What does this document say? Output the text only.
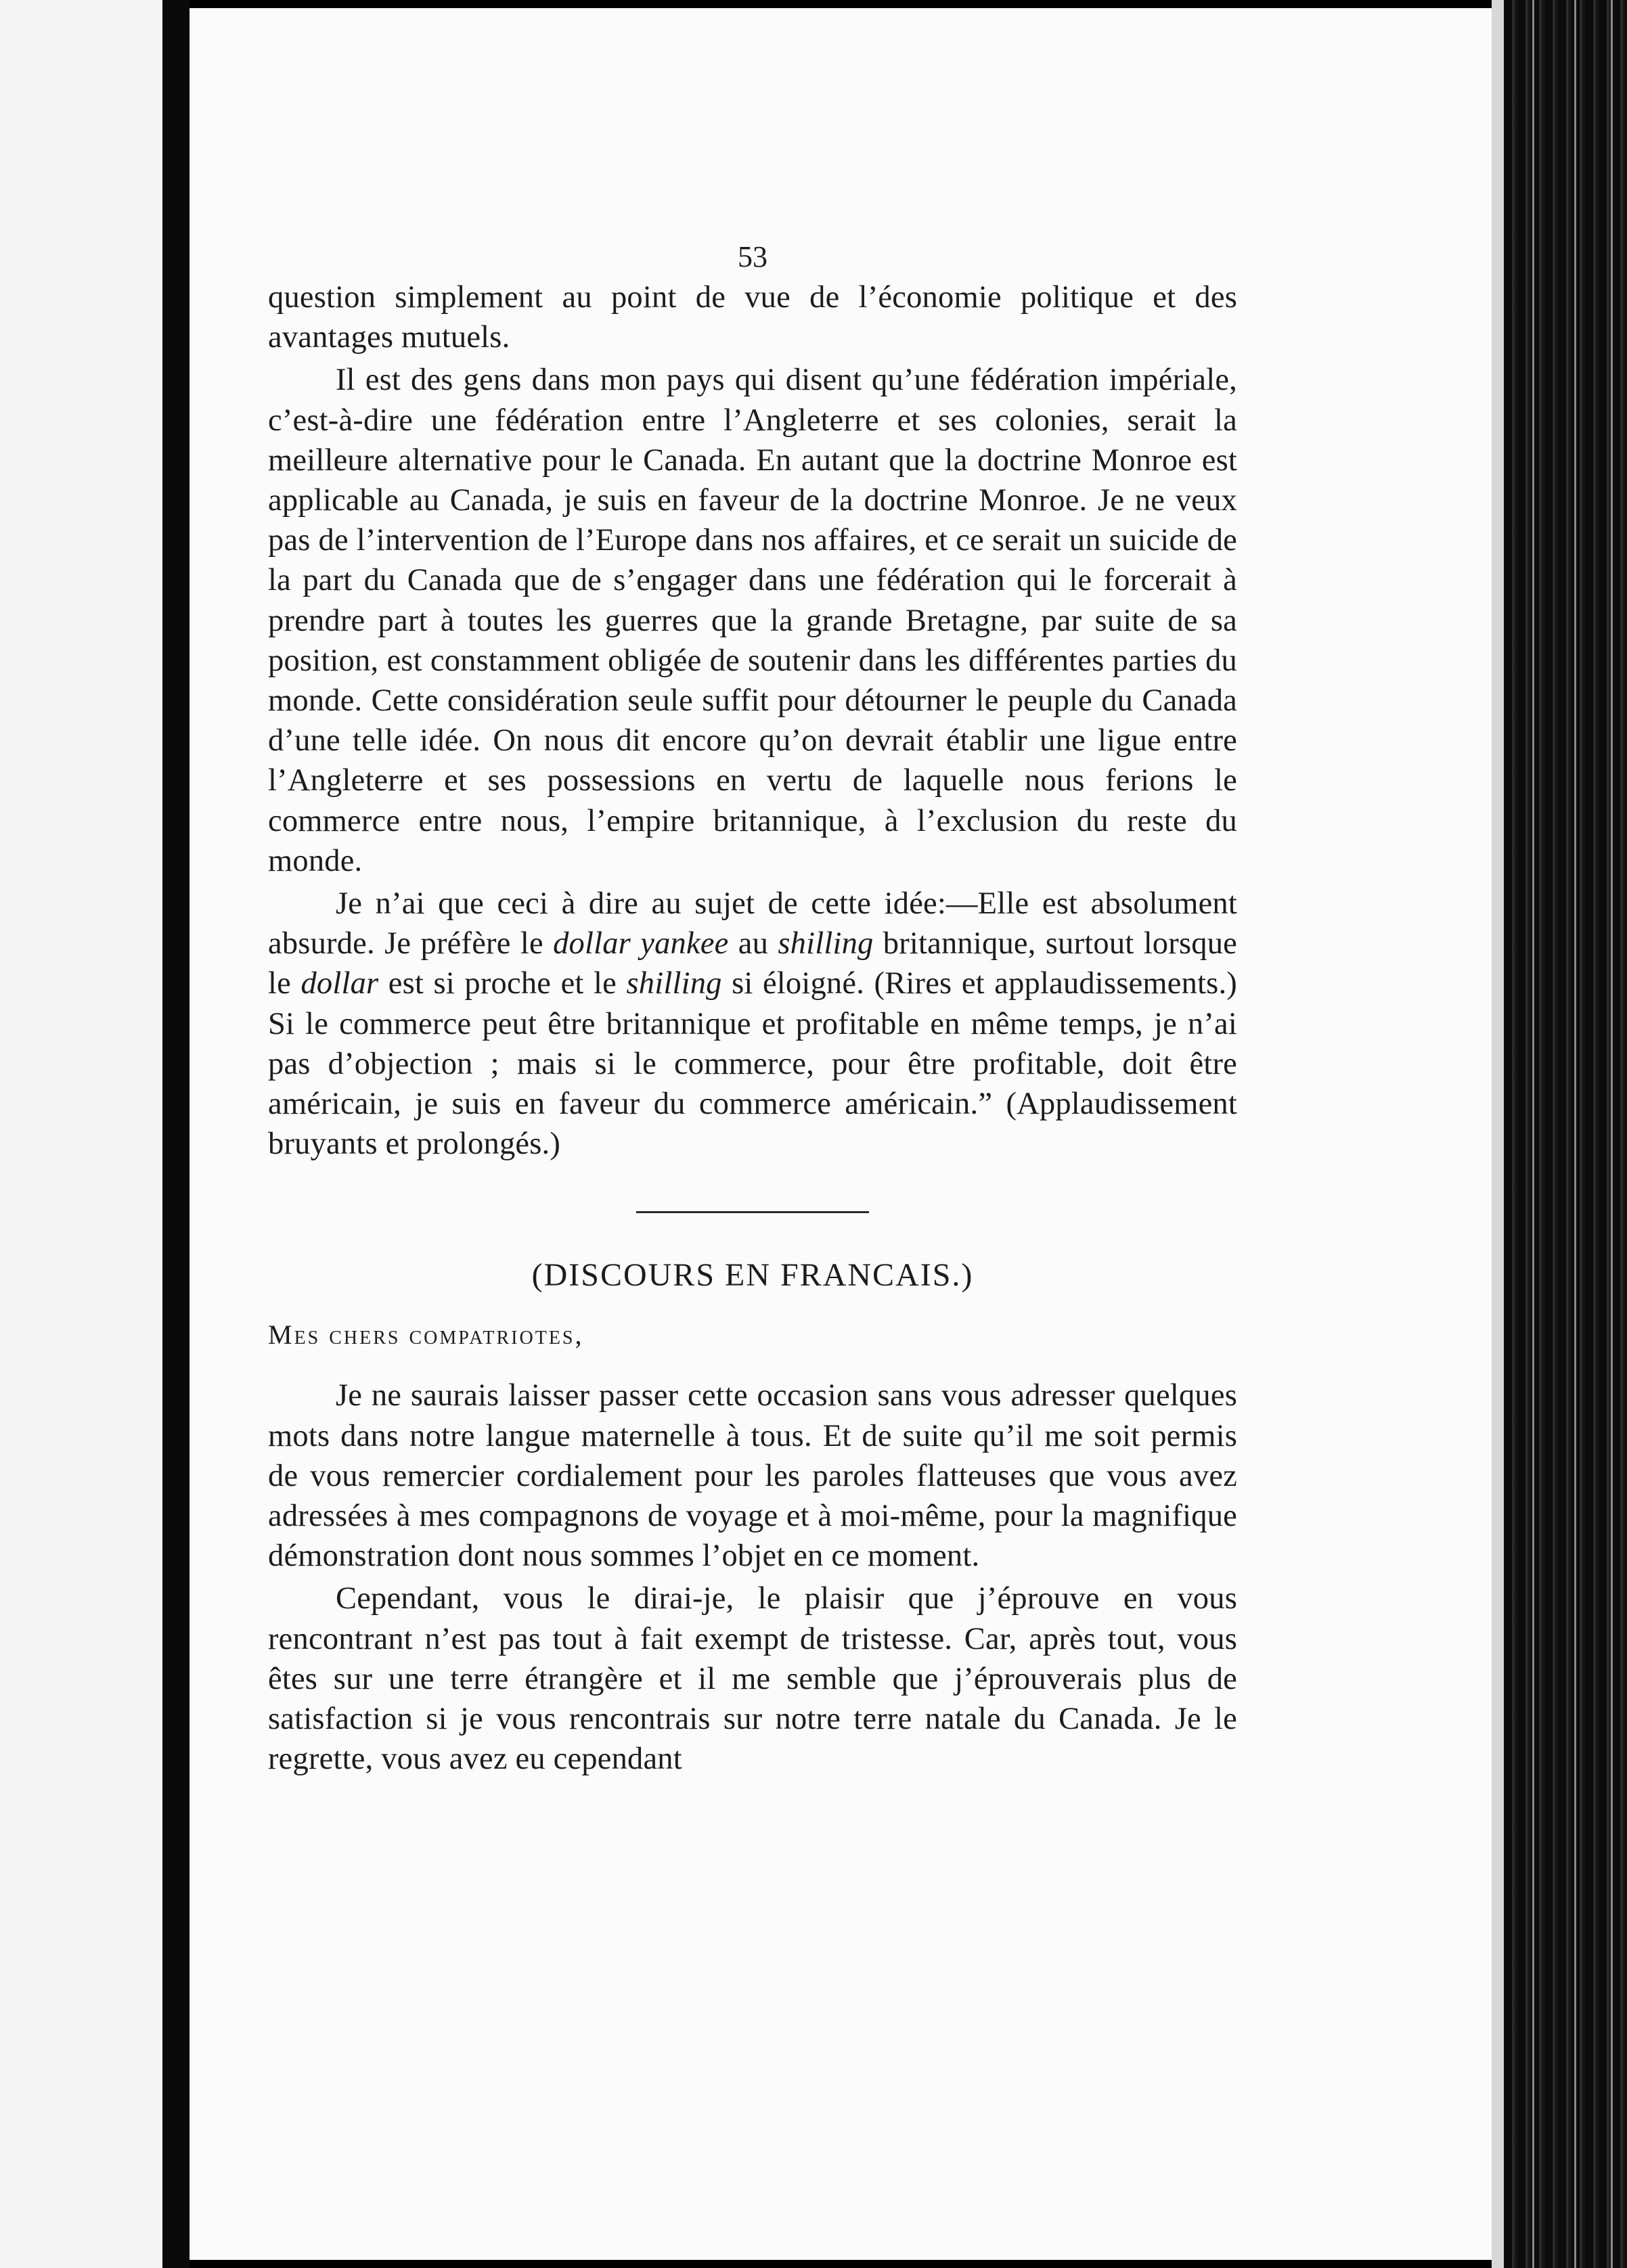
53

question simplement au point de vue de l’économie politique et des avantages mutuels.

Il est des gens dans mon pays qui disent qu’une fédération impériale, c’est-à-dire une fédération entre l’Angleterre et ses colonies, serait la meilleure alternative pour le Canada. En autant que la doctrine Monroe est applicable au Canada, je suis en faveur de la doctrine Monroe. Je ne veux pas de l’intervention de l’Europe dans nos affaires, et ce serait un suicide de la part du Canada que de s’engager dans une fédération qui le forcerait à prendre part à toutes les guerres que la grande Bretagne, par suite de sa position, est constamment obligée de soutenir dans les différentes parties du monde. Cette considération seule suffit pour détourner le peuple du Canada d’une telle idée. On nous dit encore qu’on devrait établir une ligue entre l’Angleterre et ses possessions en vertu de laquelle nous ferions le commerce entre nous, l’empire britannique, à l’exclusion du reste du monde.

Je n’ai que ceci à dire au sujet de cette idée:—Elle est absolument absurde. Je préfère le dollar yankee au shilling britannique, surtout lorsque le dollar est si proche et le shilling si éloigné. (Rires et applaudissements.) Si le commerce peut être britannique et profitable en même temps, je n’ai pas d’objection ; mais si le commerce, pour être profitable, doit être américain, je suis en faveur du commerce américain.” (Applaudissement bruyants et prolongés.)

(DISCOURS EN FRANCAIS.)
Mes chers compatriotes,

Je ne saurais laisser passer cette occasion sans vous adresser quelques mots dans notre langue maternelle à tous. Et de suite qu’il me soit permis de vous remercier cordialement pour les paroles flatteuses que vous avez adressées à mes compagnons de voyage et à moi-même, pour la magnifique démonstration dont nous sommes l’objet en ce moment.

Cependant, vous le dirai-je, le plaisir que j’éprouve en vous rencontrant n’est pas tout à fait exempt de tristesse. Car, après tout, vous êtes sur une terre étrangère et il me semble que j’éprouverais plus de satisfaction si je vous rencontrais sur notre terre natale du Canada. Je le regrette, vous avez eu cependant
